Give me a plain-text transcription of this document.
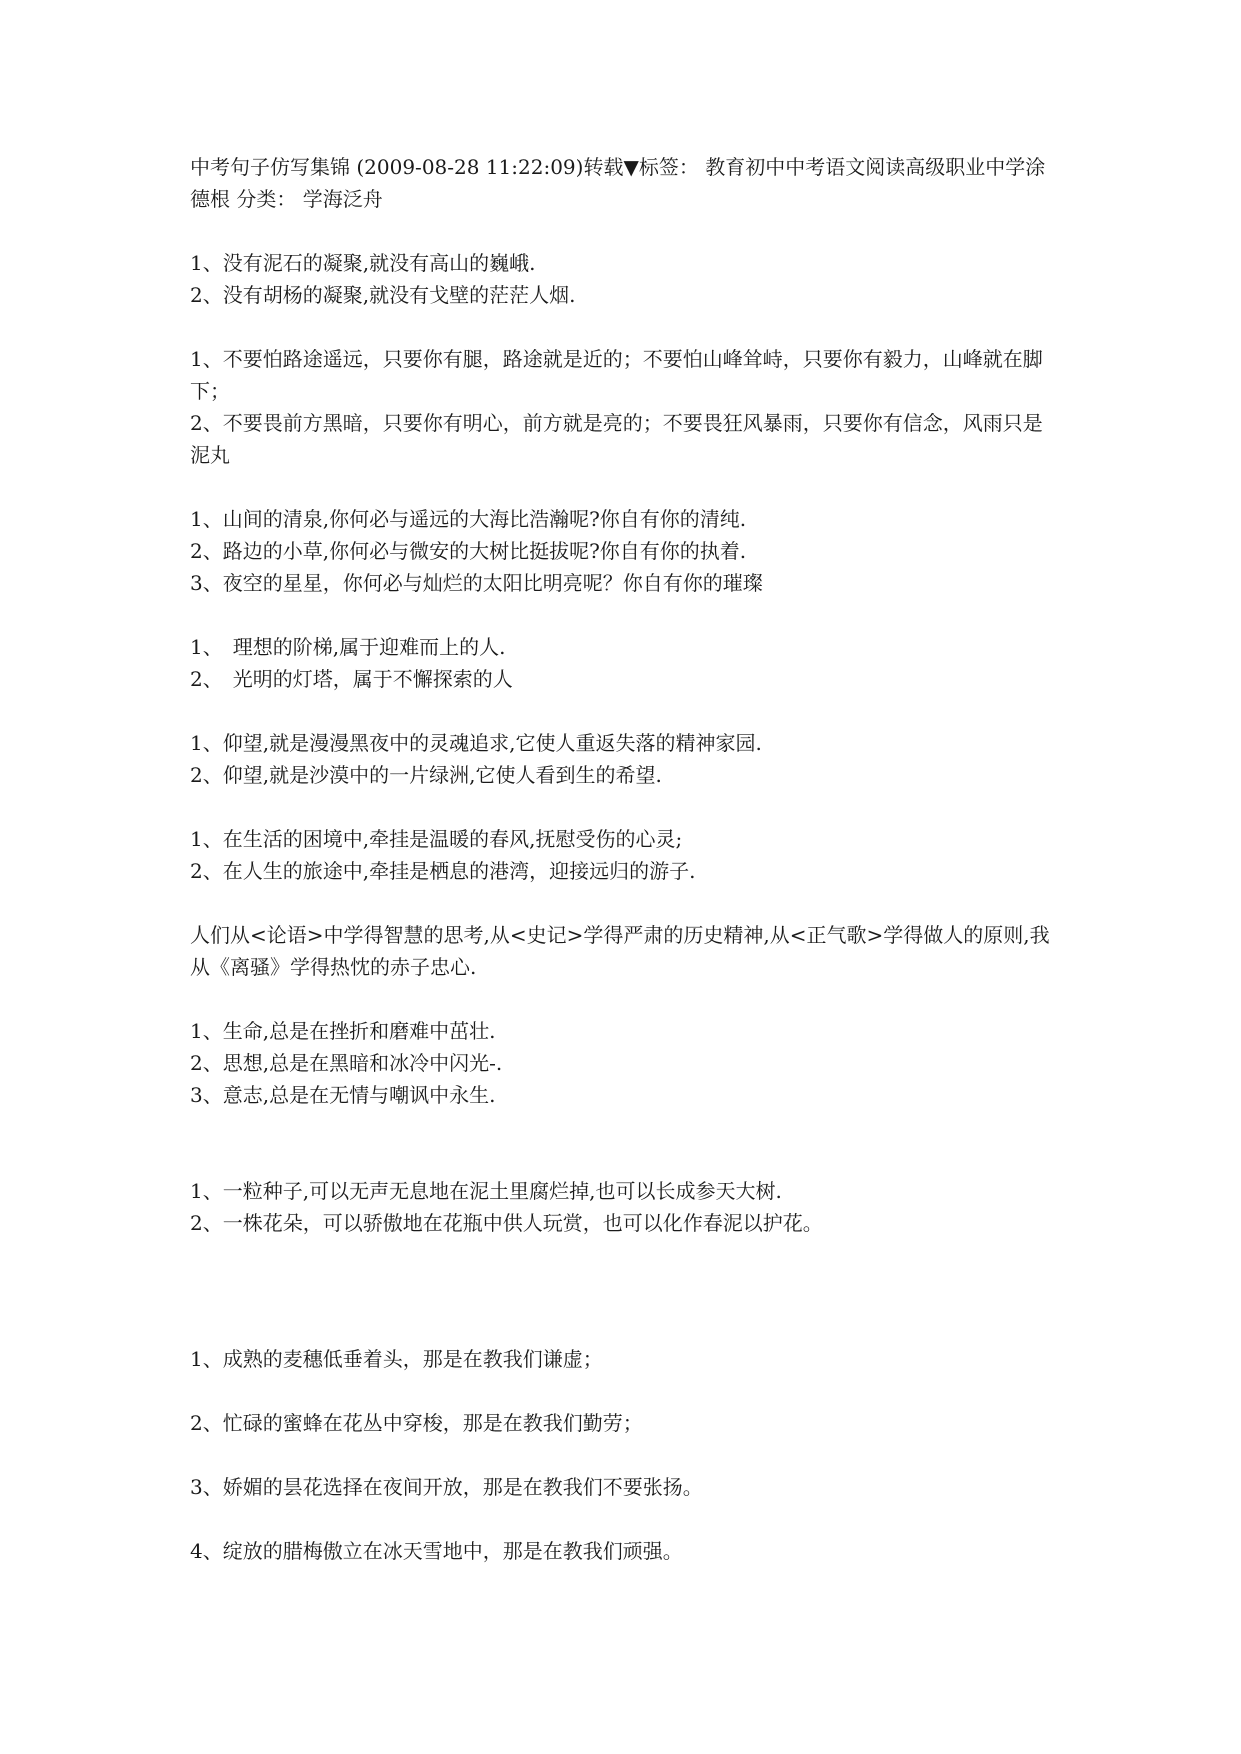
中考句子仿写集锦 (2009-08-28 11:22:09)转载▼标签： 教育初中中考语文阅读高级职业中学涂德根 分类： 学海泛舟

1、没有泥石的凝聚,就没有高山的巍峨.

2、没有胡杨的凝聚,就没有戈壁的茫茫人烟.

1、不要怕路途遥远，只要你有腿，路途就是近的；不要怕山峰耸峙，只要你有毅力，山峰就在脚下；

2、不要畏前方黑暗，只要你有明心，前方就是亮的；不要畏狂风暴雨，只要你有信念，风雨只是泥丸

1、山间的清泉,你何必与遥远的大海比浩瀚呢?你自有你的清纯.

2、路边的小草,你何必与微安的大树比挺拔呢?你自有你的执着.

3、夜空的星星，你何必与灿烂的太阳比明亮呢？你自有你的璀璨

1、　理想的阶梯,属于迎难而上的人.

2、　光明的灯塔，属于不懈探索的人

1、仰望,就是漫漫黑夜中的灵魂追求,它使人重返失落的精神家园.

2、仰望,就是沙漠中的一片绿洲,它使人看到生的希望.

1、在生活的困境中,牵挂是温暖的春风,抚慰受伤的心灵;

2、在人生的旅途中,牵挂是栖息的港湾，迎接远归的游子.

人们从<论语>中学得智慧的思考,从<史记>学得严肃的历史精神,从<正气歌>学得做人的原则,我从《离骚》学得热忱的赤子忠心.

1、生命,总是在挫折和磨难中茁壮.

2、思想,总是在黑暗和冰冷中闪光-.

3、意志,总是在无情与嘲讽中永生.

1、一粒种子,可以无声无息地在泥土里腐烂掉,也可以长成参天大树.

2、一株花朵，可以骄傲地在花瓶中供人玩赏，也可以化作春泥以护花。

1、成熟的麦穗低垂着头，那是在教我们谦虚；

2、忙碌的蜜蜂在花丛中穿梭，那是在教我们勤劳；

3、娇媚的昙花选择在夜间开放，那是在教我们不要张扬。

4、绽放的腊梅傲立在冰天雪地中，那是在教我们顽强。
